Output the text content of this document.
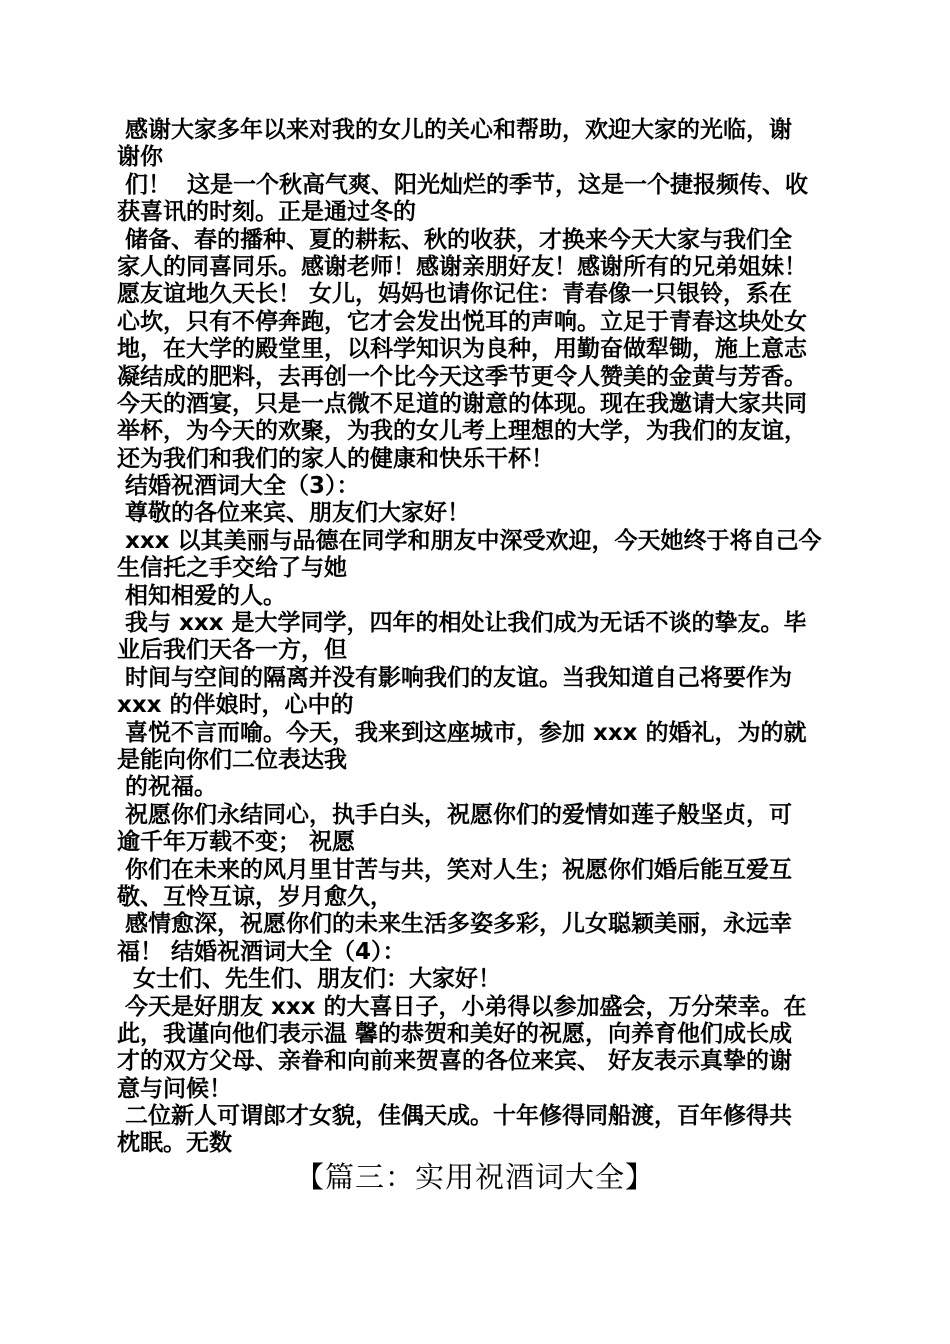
感谢大家多年以来对我的女儿的关心和帮助，欢迎大家的光临，谢
谢你
们！  这是一个秋高气爽、阳光灿烂的季节，这是一个捷报频传、收
获喜讯的时刻。正是通过冬的
储备、春的播种、夏的耕耘、秋的收获，才换来今天大家与我们全
家人的同喜同乐。感谢老师！感谢亲朋好友！感谢所有的兄弟姐妹！
愿友谊地久天长！ 女儿，妈妈也请你记住：青春像一只银铃，系在
心坎，只有不停奔跑，它才会发出悦耳的声响。立足于青春这块处女
地，在大学的殿堂里，以科学知识为良种，用勤奋做犁锄，施上意志
凝结成的肥料，去再创一个比今天这季节更令人赞美的金黄与芳香。
今天的酒宴，只是一点微不足道的谢意的体现。现在我邀请大家共同
举杯，为今天的欢聚，为我的女儿考上理想的大学，为我们的友谊，
还为我们和我们的家人的健康和快乐干杯！
结婚祝酒词大全（3）：
尊敬的各位来宾、朋友们大家好！
xxx 以其美丽与品德在同学和朋友中深受欢迎，今天她终于将自己今
生信托之手交给了与她
相知相爱的人。
我与 xxx 是大学同学，四年的相处让我们成为无话不谈的挚友。毕
业后我们天各一方，但
时间与空间的隔离并没有影响我们的友谊。当我知道自己将要作为
xxx 的伴娘时，心中的
喜悦不言而喻。今天，我来到这座城市，参加 xxx 的婚礼，为的就
是能向你们二位表达我
的祝福。
祝愿你们永结同心，执手白头，祝愿你们的爱情如莲子般坚贞，可
逾千年万载不变； 祝愿
你们在未来的风月里甘苦与共，笑对人生；祝愿你们婚后能互爱互
敬、互怜互谅，岁月愈久，
感情愈深，祝愿你们的未来生活多姿多彩，儿女聪颖美丽，永远幸
福！ 结婚祝酒词大全（4）：
女士们、先生们、朋友们：大家好！
今天是好朋友 xxx 的大喜日子，小弟得以参加盛会，万分荣幸。在
此，我谨向他们表示温 馨的恭贺和美好的祝愿，向养育他们成长成
才的双方父母、亲眷和向前来贺喜的各位来宾、 好友表示真挚的谢
意与问候！
二位新人可谓郎才女貌，佳偶天成。十年修得同船渡，百年修得共
枕眠。无数
【篇三：实用祝酒词大全】
